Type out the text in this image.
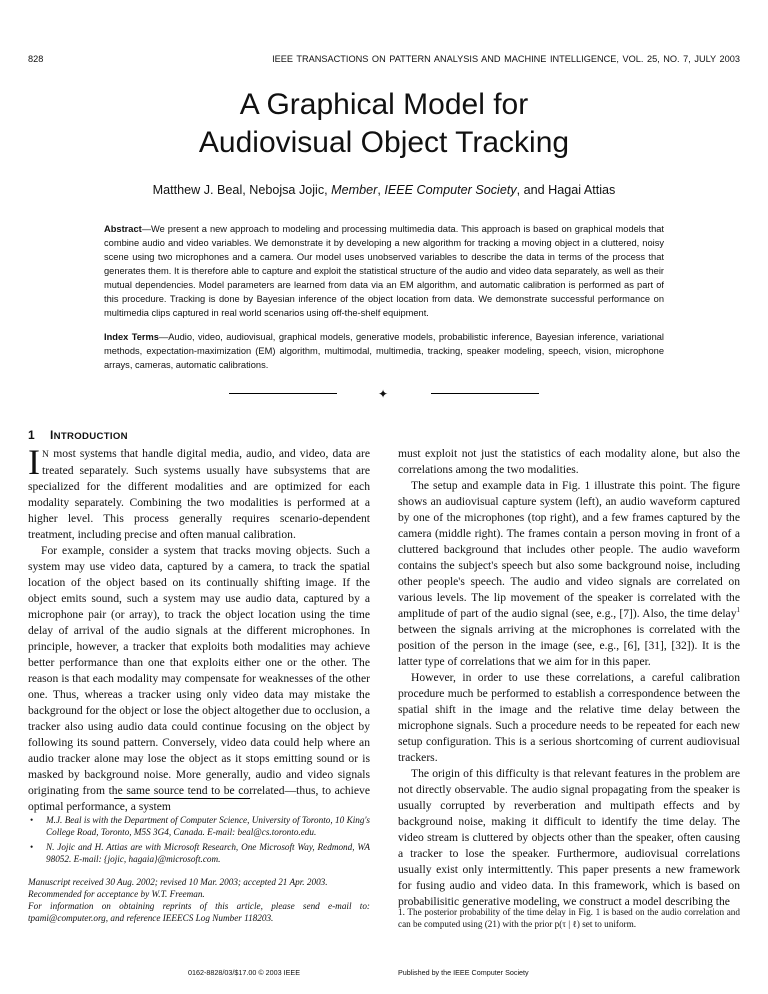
828	IEEE TRANSACTIONS ON PATTERN ANALYSIS AND MACHINE INTELLIGENCE, VOL. 25, NO. 7, JULY 2003
A Graphical Model for
Audiovisual Object Tracking
Matthew J. Beal, Nebojsa Jojic, Member, IEEE Computer Society, and Hagai Attias
Abstract—We present a new approach to modeling and processing multimedia data. This approach is based on graphical models that combine audio and video variables. We demonstrate it by developing a new algorithm for tracking a moving object in a cluttered, noisy scene using two microphones and a camera. Our model uses unobserved variables to describe the data in terms of the process that generates them. It is therefore able to capture and exploit the statistical structure of the audio and video data separately, as well as their mutual dependencies. Model parameters are learned from data via an EM algorithm, and automatic calibration is performed as part of this procedure. Tracking is done by Bayesian inference of the object location from data. We demonstrate successful performance on multimedia clips captured in real world scenarios using off-the-shelf equipment.
Index Terms—Audio, video, audiovisual, graphical models, generative models, probabilistic inference, Bayesian inference, variational methods, expectation-maximization (EM) algorithm, multimodal, multimedia, tracking, speaker modeling, speech, vision, microphone arrays, cameras, automatic calibrations.
✦
1 INTRODUCTION

I N most systems that handle digital media, audio, and video, data are treated separately. Such systems usually have subsystems that are specialized for the different modalities and are optimized for each modality separately. Combining the two modalities is performed at a higher level. This process generally requires scenario-dependent treatment, including precise and often manual calibration.

For example, consider a system that tracks moving objects. Such a system may use video data, captured by a camera, to track the spatial location of the object based on its continually shifting image. If the object emits sound, such a system may use audio data, captured by a microphone pair (or array), to track the object location using the time delay of arrival of the audio signals at the different microphones. In principle, however, a tracker that exploits both modalities may achieve better performance than one that exploits either one or the other. The reason is that each modality may compensate for weaknesses of the other one. Thus, whereas a tracker using only video data may mistake the background for the object or lose the object altogether due to occlusion, a tracker also using audio data could continue focusing on the object by following its sound pattern. Conversely, video data could help where an audio tracker alone may lose the object as it stops emitting sound or is masked by background noise. More generally, audio and video signals originating from the same source tend to be correlated—thus, to achieve optimal performance, a system

must exploit not just the statistics of each modality alone, but also the correlations among the two modalities.

The setup and example data in Fig. 1 illustrate this point. The figure shows an audiovisual capture system (left), an audio waveform captured by one of the microphones (top right), and a few frames captured by the camera (middle right). The frames contain a person moving in front of a cluttered background that includes other people. The audio waveform contains the subject's speech but also some background noise, including other people's speech. The audio and video signals are correlated on various levels. The lip movement of the speaker is correlated with the amplitude of part of the audio signal (see, e.g., [7]). Also, the time delay$^1$ between the signals arriving at the microphones is correlated with the position of the person in the image (see, e.g., [6], [31], [32]). It is the latter type of correlations that we aim for in this paper.

However, in order to use these correlations, a careful calibration procedure much be performed to establish a correspondence between the spatial shift in the image and the relative time delay between the microphone signals. Such a procedure needs to be repeated for each new setup configuration. This is a serious shortcoming of current audiovisual trackers.

The origin of this difficulty is that relevant features in the problem are not directly observable. The audio signal propagating from the speaker is usually corrupted by reverberation and multipath effects and by background noise, making it difficult to identify the time delay. The video stream is cluttered by objects other than the speaker, often causing a tracker to lose the speaker. Furthermore, audiovisual correlations usually exist only intermittently. This paper presents a new framework for fusing audio and video data. In this framework, which is based on probabilisitic generative modeling, we construct a model describing the

• M.J. Beal is with the Department of Computer Science, University of Toronto, 10 King's College Road, Toronto, M5S 3G4, Canada. E-mail: beal@cs.toronto.edu.
• N. Jojic and H. Attias are with Microsoft Research, One Microsoft Way, Redmond, WA 98052. E-mail: {jojic, hagaia}@microsoft.com.
Manuscript received 30 Aug. 2002; revised 10 Mar. 2003; accepted 21 Apr. 2003.
Recommended for acceptance by W.T. Freeman.
For information on obtaining reprints of this article, please send e-mail to: tpami@computer.org, and reference IEEECS Log Number 118203.
1. The posterior probability of the time delay in Fig. 1 is based on the audio correlation and can be computed using (21) with the prior p(τ | ℓ) set to uniform.
0162-8828/03/$17.00 © 2003 IEEE	Published by the IEEE Computer Society
